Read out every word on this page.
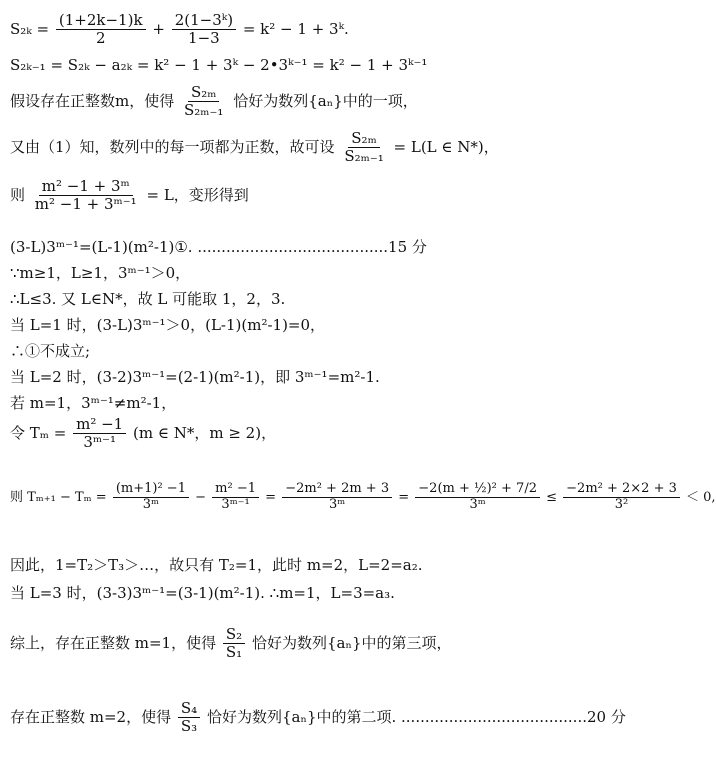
$S_{2k} = \frac{(1+2k-1)k}{2} + \frac{\text{2(1−3ᵏ)}}{1-3} = k^2 - 1$ + 3ᵏ.
S₂ₖ₋₁ = S₂ₖ − a₂ₖ = k² − 1 + 3ᵏ − 2•3ᵏ⁻¹ = k² − 1 + 3ᵏ⁻¹
假设存在正整数m，使得 $\frac{\text{S₂ₘ}}{\text{S₂ₘ₋₁}}$ 恰好为数列{aₙ}中的一项，
又由（1）知，数列中的每一项都为正数，故可设 $\frac{\text{S₂ₘ}}{\text{S₂ₘ₋₁}} = L(L$ ∈ N*)，
则 $\frac{\text{m² −1 + 3ᵐ}}{\text{m² −1 + 3ᵐ⁻¹}} = L$，变形得到
(3-L)3ᵐ⁻¹=(L-1)(m²-1)①. ........................................15 分
∵m≥1，L≥1，3ᵐ⁻¹＞0，
∴L≤3. 又 L∈N*，故 L 可能取 1，2，3.
当 L=1 时，(3-L)3ᵐ⁻¹＞0，(L-1)(m²-1)=0，
∴①不成立;
当 L=2 时，(3-2)3ᵐ⁻¹=(2-1)(m²-1)，即 3ᵐ⁻¹=m²-1.
若 m=1，3ᵐ⁻¹≠m²-1，
令 $T_m = \frac{\text{m² −1}}{\text{3ᵐ⁻¹}} (m$ ∈ N*，m ≥ 2)，
则 $T_{m+1} - T_m = \frac{\text{(m+1)² −1}}{\text{3ᵐ}} - \frac{\text{m² −1}}{\text{3ᵐ⁻¹}} = \frac{\text{−2m² + 2m + 3}}{\text{3ᵐ}} = \frac{\text{−2(m + ½)² + 7/2}}{\text{3ᵐ}} \le \frac{\text{−2m² + 2×2 + 3}}{\text{3²}} < 0$,
因此，1=T₂＞T₃＞…，故只有 T₂=1，此时 m=2，L=2=a₂.
当 L=3 时，(3-3)3ᵐ⁻¹=(3-1)(m²-1). ∴m=1，L=3=a₃.
综上，存在正整数 m=1，使得 $\frac{\text{S₂}}{\text{S₁}}$ 恰好为数列{aₙ}中的第三项，
存在正整数 m=2，使得 $\frac{\text{S₄}}{\text{S₃}}$ 恰好为数列{aₙ}中的第二项. .......................................20 分
